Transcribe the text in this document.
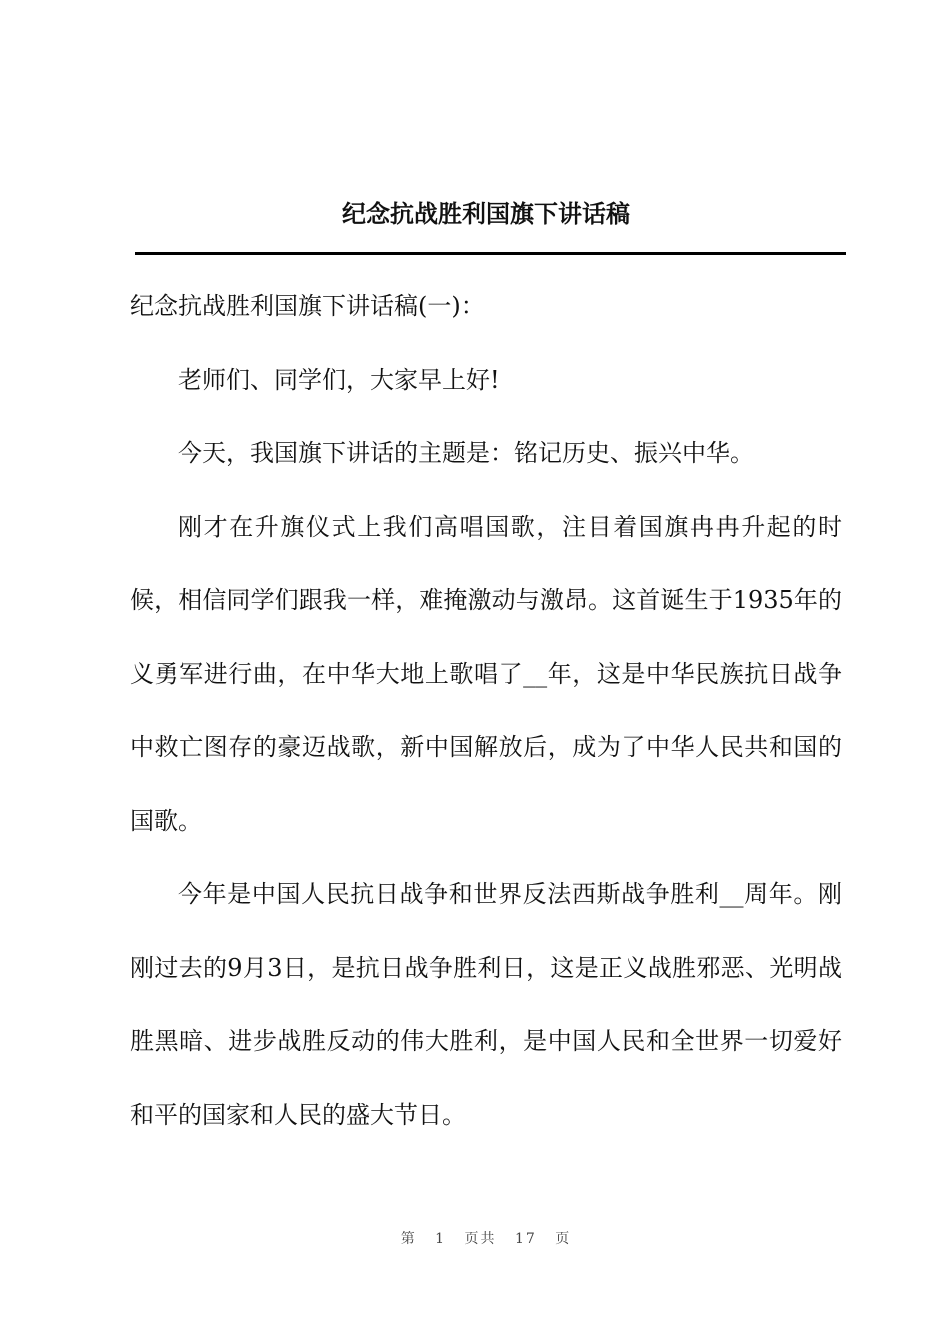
纪念抗战胜利国旗下讲话稿

纪念抗战胜利国旗下讲话稿(一)：

老师们、同学们，大家早上好!

今天，我国旗下讲话的主题是：铭记历史、振兴中华。

刚才在升旗仪式上我们高唱国歌，注目着国旗冉冉升起的时候，相信同学们跟我一样，难掩激动与激昂。这首诞生于1935年的义勇军进行曲，在中华大地上歌唱了__年，这是中华民族抗日战争中救亡图存的豪迈战歌，新中国解放后，成为了中华人民共和国的国歌。

今年是中国人民抗日战争和世界反法西斯战争胜利__周年。刚刚过去的9月3日，是抗日战争胜利日，这是正义战胜邪恶、光明战胜黑暗、进步战胜反动的伟大胜利，是中国人民和全世界一切爱好和平的国家和人民的盛大节日。

第 1 页共 17 页
